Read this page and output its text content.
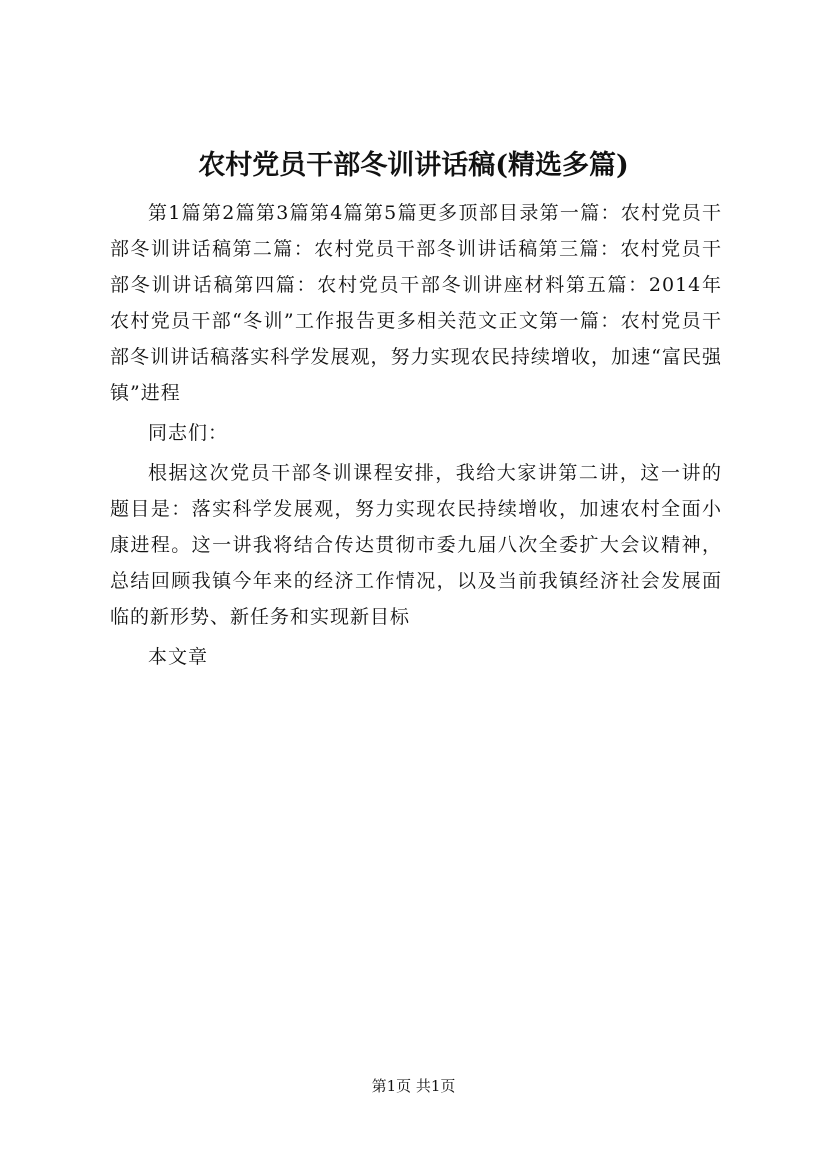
农村党员干部冬训讲话稿(精选多篇)

第1篇第2篇第3篇第4篇第5篇更多顶部目录第一篇：农村党员干部冬训讲话稿第二篇：农村党员干部冬训讲话稿第三篇：农村党员干部冬训讲话稿第四篇：农村党员干部冬训讲座材料第五篇：2014年农村党员干部“冬训”工作报告更多相关范文正文第一篇：农村党员干部冬训讲话稿落实科学发展观，努力实现农民持续增收，加速“富民强镇”进程

同志们：

根据这次党员干部冬训课程安排，我给大家讲第二讲，这一讲的题目是：落实科学发展观，努力实现农民持续增收，加速农村全面小康进程。这一讲我将结合传达贯彻市委九届八次全委扩大会议精神，总结回顾我镇今年来的经济工作情况，以及当前我镇经济社会发展面临的新形势、新任务和实现新目标

本文章

第1页 共1页
